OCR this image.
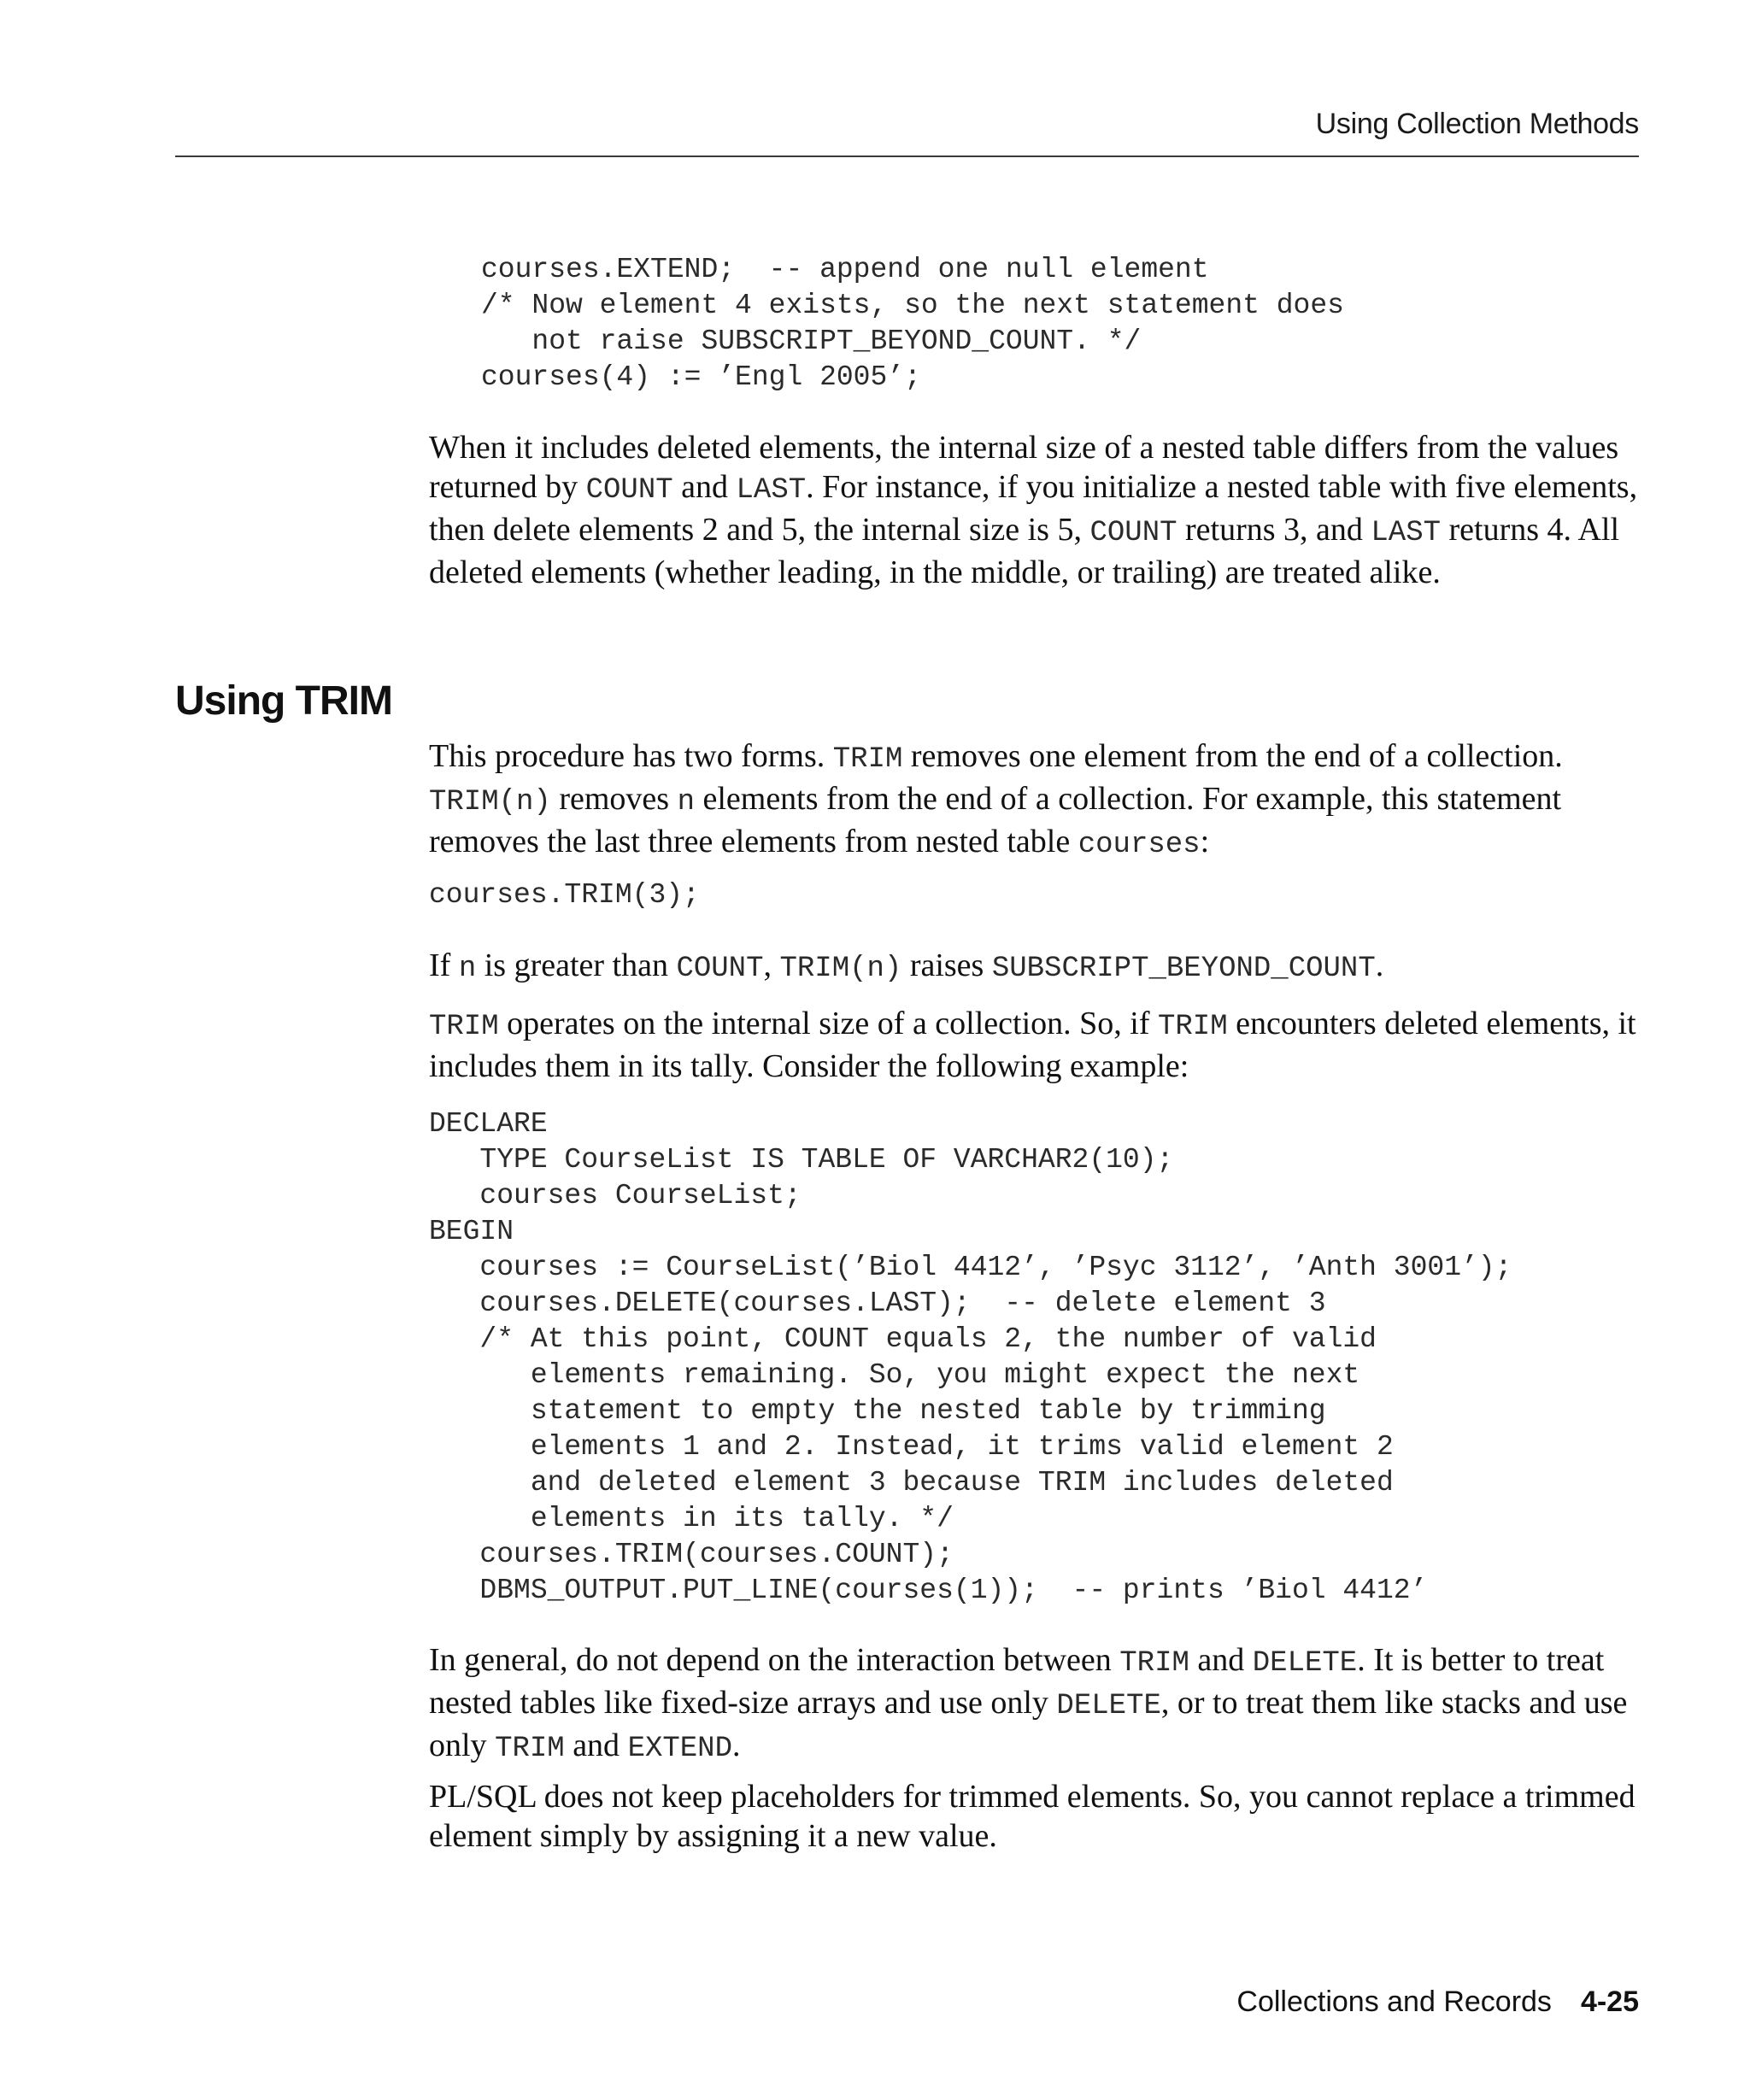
Using Collection Methods
courses.EXTEND;  -- append one null element
/* Now element 4 exists, so the next statement does
not raise SUBSCRIPT_BEYOND_COUNT. */
courses(4) := ’Engl 2005’;

When it includes deleted elements, the internal size of a nested table differs from the values returned by COUNT and LAST. For instance, if you initialize a nested table with five elements, then delete elements 2 and 5, the internal size is 5, COUNT returns 3, and LAST returns 4. All deleted elements (whether leading, in the middle, or trailing) are treated alike.

Using TRIM

This procedure has two forms. TRIM removes one element from the end of a collection. TRIM(n) removes n elements from the end of a collection. For example, this statement removes the last three elements from nested table courses:

courses.TRIM(3);

If n is greater than COUNT, TRIM(n) raises SUBSCRIPT_BEYOND_COUNT.

TRIM operates on the internal size of a collection. So, if TRIM encounters deleted elements, it includes them in its tally. Consider the following example:

DECLARE
TYPE CourseList IS TABLE OF VARCHAR2(10);
courses CourseList;
BEGIN
courses := CourseList(’Biol 4412’, ’Psyc 3112’, ’Anth 3001’);
courses.DELETE(courses.LAST);  -- delete element 3
/* At this point, COUNT equals 2, the number of valid
elements remaining. So, you might expect the next
statement to empty the nested table by trimming
elements 1 and 2. Instead, it trims valid element 2
and deleted element 3 because TRIM includes deleted
elements in its tally. */
courses.TRIM(courses.COUNT);
DBMS_OUTPUT.PUT_LINE(courses(1));  -- prints ’Biol 4412’

In general, do not depend on the interaction between TRIM and DELETE. It is better to treat nested tables like fixed-size arrays and use only DELETE, or to treat them like stacks and use only TRIM and EXTEND.

PL/SQL does not keep placeholders for trimmed elements. So, you cannot replace a trimmed element simply by assigning it a new value.

Collections and Records 4-25
